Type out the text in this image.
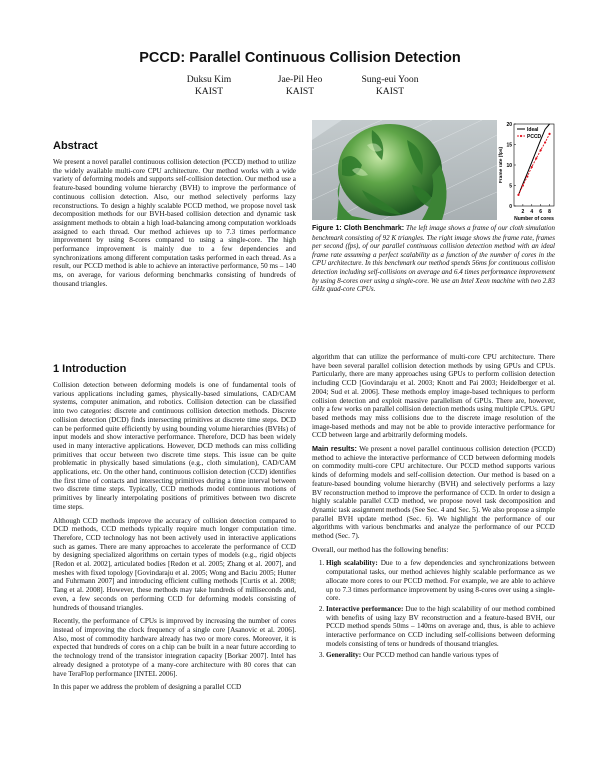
PCCD: Parallel Continuous Collision Detection
Duksu Kim
KAIST
Jae-Pil Heo
KAIST
Sung-eui Yoon
KAIST
Abstract

We present a novel parallel continuous collision detection (PCCD) method to utilize the widely available multi-core CPU architecture. Our method works with a wide variety of deforming models and supports self-collision detection. Our method use a feature-based bounding volume hierarchy (BVH) to improve the performance of continuous collision detection. Also, our method selectively performs lazy reconstructions. To design a highly scalable PCCD method, we propose novel task decomposition methods for our BVH-based collision detection and dynamic task assignment methods to obtain a high load-balancing among computation workloads assigned to each thread. Our method achieves up to 7.3 times performance improvement by using 8-cores compared to using a single-core. The high performance improvement is mainly due to a few dependencies and synchronizations among different computation tasks performed in each thread. As a result, our PCCD method is able to achieve an interactive performance, 50 ms – 140 ms, on average, for various deforming benchmarks consisting of hundreds of thousand triangles.

1 Introduction

Collision detection between deforming models is one of fundamental tools of various applications including games, physically-based simulations, CAD/CAM systems, computer animation, and robotics. Collision detection can be classified into two categories: discrete and continuous collision detection methods. Discrete collision detection (DCD) finds intersecting primitives at discrete time steps. DCD can be performed quite efficiently by using bounding volume hierarchies (BVHs) of input models and show interactive performance. Therefore, DCD has been widely used in many interactive applications. However, DCD methods can miss colliding primitives that occur between two discrete time steps. This issue can be quite problematic in physically based simulations (e.g., cloth simulation), CAD/CAM applications, etc. On the other hand, continuous collision detection (CCD) identifies the first time of contacts and intersecting primitives during a time interval between two discrete time steps. Typically, CCD methods model continuous motions of primitives by linearly interpolating positions of primitives between two discrete time steps.

Although CCD methods improve the accuracy of collision detection compared to DCD methods, CCD methods typically require much longer computation time. Therefore, CCD technology has not been actively used in interactive applications such as games. There are many approaches to accelerate the performance of CCD by designing specialized algorithms on certain types of models (e.g., rigid objects [Redon et al. 2002], articulated bodies [Redon et al. 2005; Zhang et al. 2007], and meshes with fixed topology [Govindaraju et al. 2005; Wong and Baciu 2005; Hutter and Fuhrmann 2007] and introducing efficient culling methods [Curtis et al. 2008; Tang et al. 2008]. However, these methods may take hundreds of milliseconds and, even, a few seconds on performing CCD for deforming models consisting of hundreds of thousand triangles.

Recently, the performance of CPUs is improved by increasing the number of cores instead of improving the clock frequency of a single core [Asanovic et al. 2006]. Also, most of commodity hardware already has two or more cores. Moreover, it is expected that hundreds of cores on a chip can be built in a near future according to the technology trend of the transistor integration capacity [Borkar 2007]. Intel has already designed a prototype of a many-core architecture with 80 cores that can have TeraFlop performance [INTEL 2006].

In this paper we address the problem of designing a parallel CCD

0
5
10
15
20
2 4 6 8
Number of cores
Frame rate (fps)
Ideal
PCCD
Figure 1: Cloth Benchmark: The left image shows a frame of our cloth simulation benchmark consisting of 92 K triangles. The right image shows the frame rate, frames per second (fps), of our parallel continuous collision detection method with an ideal frame rate assuming a perfect scalability as a function of the number of cores in the CPU architecture. In this benchmark our method spends 56ms for continuous collision detection including self-collisions on average and 6.4 times performance improvement by using 8-cores over using a single-core. We use an Intel Xeon machine with two 2.83 GHz quad-core CPUs.

algorithm that can utilize the performance of multi-core CPU architecture. There have been several parallel collision detection methods by using GPUs and CPUs. Particularly, there are many approaches using GPUs to perform collision detection including CCD [Govindaraju et al. 2003; Knott and Pai 2003; Heidelberger et al. 2004; Sud et al. 2006]. These methods employ image-based techniques to perform collision detection and exploit massive parallelism of GPUs. There are, however, only a few works on parallel collision detection methods using multiple CPUs. GPU based methods may miss collisions due to the discrete image resolution of the image-based methods and may not be able to provide interactive performance for CCD between large and arbitrarily deforming models.

Main results: We present a novel parallel continuous collision detection (PCCD) method to achieve the interactive performance of CCD between deforming models on commodity multi-core CPU architecture. Our PCCD method supports various kinds of deforming models and self-collision detection. Our method is based on a feature-based bounding volume hierarchy (BVH) and selectively performs a lazy BV reconstruction method to improve the performance of CCD. In order to design a highly scalable parallel CCD method, we propose novel task decomposition and dynamic task assignment methods (See Sec. 4 and Sec. 5). We also propose a simple parallel BVH update method (Sec. 6). We highlight the performance of our algorithms with various benchmarks and analyze the performance of our PCCD method (Sec. 7).

Overall, our method has the following benefits:

1. High scalability: Due to a few dependencies and synchronizations between computational tasks, our method achieves highly scalable performance as we allocate more cores to our PCCD method. For example, we are able to achieve up to 7.3 times performance improvement by using 8-cores over using a single-core.
2. Interactive performance: Due to the high scalability of our method combined with benefits of using lazy BV reconstruction and a feature-based BVH, our PCCD method spends 50ms – 140ms on average and, thus, is able to achieve interactive performance on CCD including self-collisions between deforming models consisting of tens or hundreds of thousand triangles.
3. Generality: Our PCCD method can handle various types of
